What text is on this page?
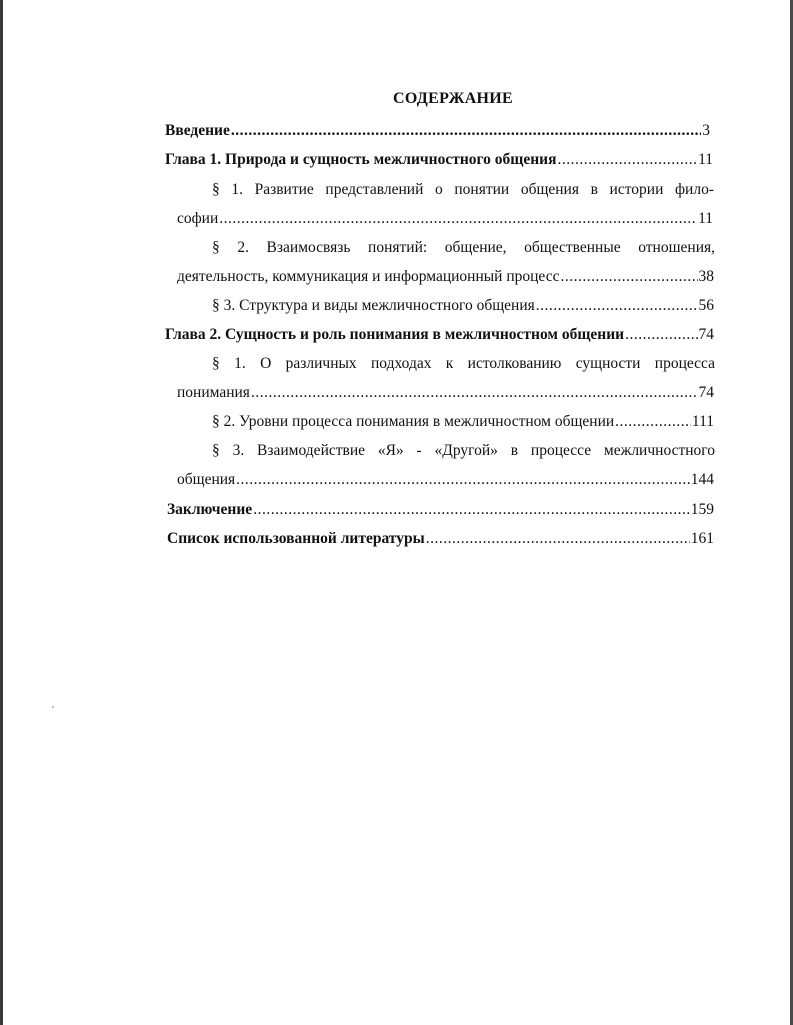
СОДЕРЖАНИЕ
Введение .....	3
Глава 1. Природа и сущность межличностного общения .....	11
§ 1. Развитие представлений о понятии общения в истории фило-
софии .....	11
§ 2. Взаимосвязь понятий: общение, общественные отношения,
деятельность, коммуникация и информационный процесс .....	38
§ 3. Структура и виды межличностного общения .....	56
Глава 2. Сущность и роль понимания в межличностном общении .....	74
§ 1. О различных подходах к истолкованию сущности процесса
понимания .....	74
§ 2. Уровни процесса понимания в межличностном общении .....	111
§ 3. Взаимодействие «Я» - «Другой» в процессе межличностного
общения .....	144
Заключение .....	159
Список использованной литературы .....	161
